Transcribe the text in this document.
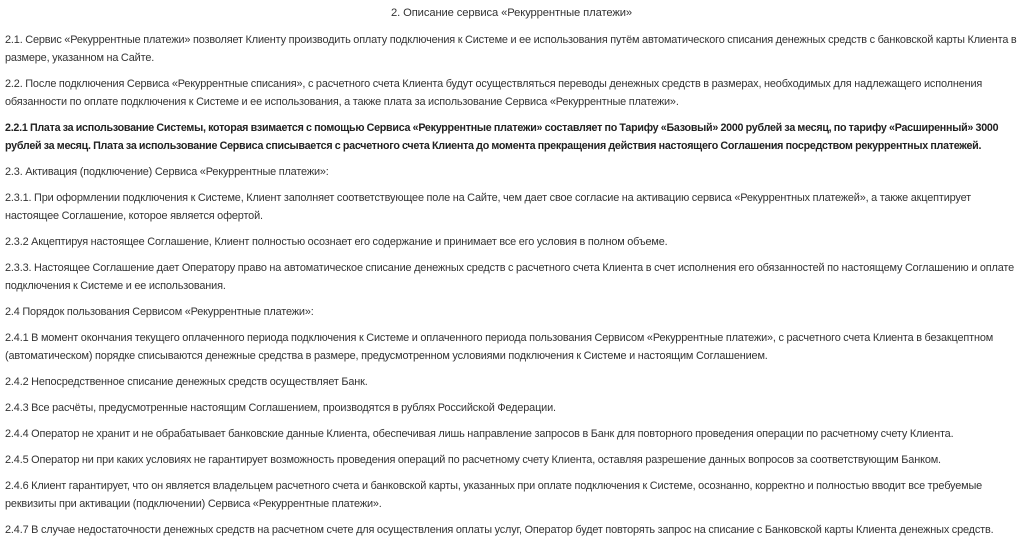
2. Описание сервиса «Рекуррентные платежи»

2.1. Сервис «Рекуррентные платежи» позволяет Клиенту производить оплату подключения к Системе и ее использования путём автоматического списания денежных средств с банковской карты Клиента в размере, указанном на Сайте.

2.2. После подключения Сервиса «Рекуррентные списания», с расчетного счета Клиента будут осуществляться переводы денежных средств в размерах, необходимых для надлежащего исполнения обязанности по оплате подключения к Системе и ее использования, а также плата за использование Сервиса «Рекуррентные платежи».

2.2.1 Плата за использование Системы, которая взимается с помощью Сервиса «Рекуррентные платежи» составляет по Тарифу «Базовый» 2000 рублей за месяц, по тарифу «Расширенный» 3000 рублей за месяц. Плата за использование Сервиса списывается с расчетного счета Клиента до момента прекращения действия настоящего Соглашения посредством рекуррентных платежей.

2.3. Активация (подключение) Сервиса «Рекуррентные платежи»:

2.3.1. При оформлении подключения к Системе, Клиент заполняет соответствующее поле на Сайте, чем дает свое согласие на активацию сервиса «Рекуррентных платежей», а также акцептирует настоящее Соглашение, которое является офертой.

2.3.2 Акцептируя настоящее Соглашение, Клиент полностью осознает его содержание и принимает все его условия в полном объеме.

2.3.3. Настоящее Соглашение дает Оператору право на автоматическое списание денежных средств с расчетного счета Клиента в счет исполнения его обязанностей по настоящему Соглашению и оплате подключения к Системе и ее использования.

2.4 Порядок пользования Сервисом «Рекуррентные платежи»:

2.4.1 В момент окончания текущего оплаченного периода подключения к Системе и оплаченного периода пользования Сервисом «Рекуррентные платежи», с расчетного счета Клиента в безакцептном (автоматическом) порядке списываются денежные средства в размере, предусмотренном условиями подключения к Системе и настоящим Соглашением.

2.4.2 Непосредственное списание денежных средств осуществляет Банк.

2.4.3 Все расчёты, предусмотренные настоящим Соглашением, производятся в рублях Российской Федерации.

2.4.4 Оператор не хранит и не обрабатывает банковские данные Клиента, обеспечивая лишь направление запросов в Банк для повторного проведения операции по расчетному счету Клиента.

2.4.5 Оператор ни при каких условиях не гарантирует возможность проведения операций по расчетному счету Клиента, оставляя разрешение данных вопросов за соответствующим Банком.

2.4.6 Клиент гарантирует, что он является владельцем расчетного счета и банковской карты, указанных при оплате подключения к Системе, осознанно, корректно и полностью вводит все требуемые реквизиты при активации (подключении) Сервиса «Рекуррентные платежи».

2.4.7 В случае недостаточности денежных средств на расчетном счете для осуществления оплаты услуг, Оператор будет повторять запрос на списание с Банковской карты Клиента денежных средств.
